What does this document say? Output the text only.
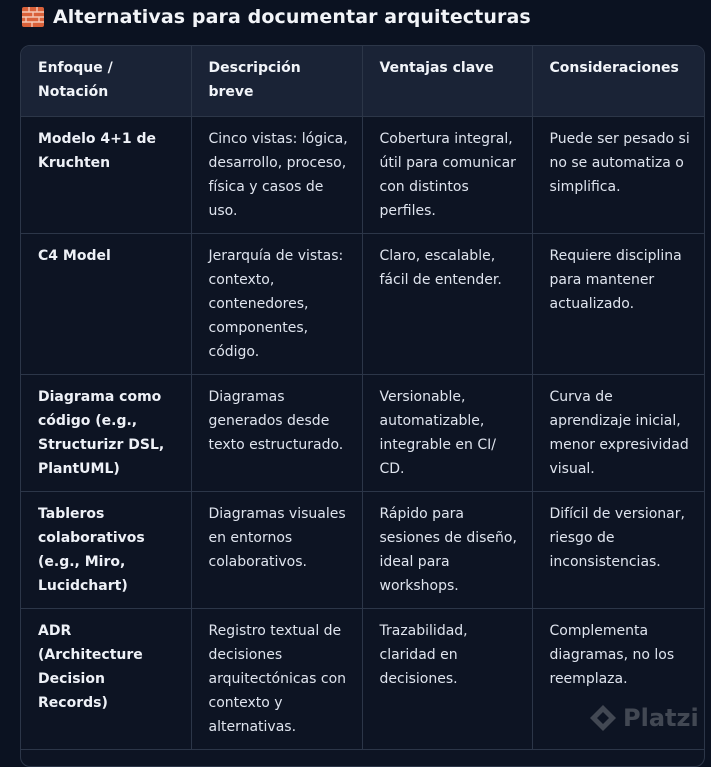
Alternativas para documentar arquitecturas
Enfoque / Notación	Descripción breve	Ventajas clave	Consideraciones
Modelo 4+1 de Kruchten	Cinco vistas: lógica, desarrollo, proceso, física y casos de uso.	Cobertura integral, útil para comunicar con distintos perfiles.	Puede ser pesado si no se automatiza o simplifica.
C4 Model	Jerarquía de vistas: contexto, contenedores, componentes, código.	Claro, escalable, fácil de entender.	Requiere disciplina para mantener actualizado.
Diagrama como código (e.g., Structurizr DSL, PlantUML)	Diagramas generados desde texto estructurado.	Versionable, automatizable, integrable en CI/ CD.	Curva de aprendizaje inicial, menor expresividad visual.
Tableros colaborativos (e.g., Miro, Lucidchart)	Diagramas visuales en entornos colaborativos.	Rápido para sesiones de diseño, ideal para workshops.	Difícil de versionar, riesgo de inconsistencias.
ADR (Architecture Decision Records)	Registro textual de decisiones arquitectónicas con contexto y alternativas.	Trazabilidad, claridad en decisiones.	Complementa diagramas, no los reemplaza.
Platzi
